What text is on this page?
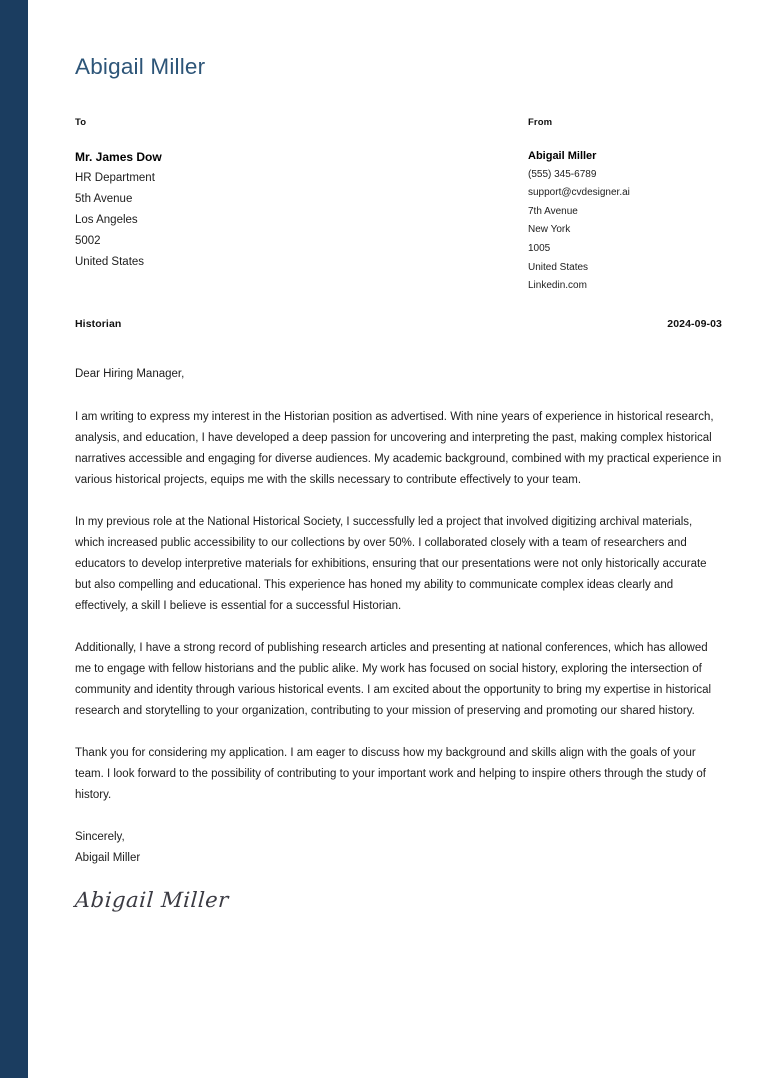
Abigail Miller
To
Mr. James Dow
HR Department
5th Avenue
Los Angeles
5002
United States
From
Abigail Miller
(555) 345-6789
support@cvdesigner.ai
7th Avenue
New York
1005
United States
Linkedin.com
Historian	2024-09-03
Dear Hiring Manager,

I am writing to express my interest in the Historian position as advertised. With nine years of experience in historical research, analysis, and education, I have developed a deep passion for uncovering and interpreting the past, making complex historical narratives accessible and engaging for diverse audiences. My academic background, combined with my practical experience in various historical projects, equips me with the skills necessary to contribute effectively to your team.

In my previous role at the National Historical Society, I successfully led a project that involved digitizing archival materials, which increased public accessibility to our collections by over 50%. I collaborated closely with a team of researchers and educators to develop interpretive materials for exhibitions, ensuring that our presentations were not only historically accurate but also compelling and educational. This experience has honed my ability to communicate complex ideas clearly and effectively, a skill I believe is essential for a successful Historian.

Additionally, I have a strong record of publishing research articles and presenting at national conferences, which has allowed me to engage with fellow historians and the public alike. My work has focused on social history, exploring the intersection of community and identity through various historical events. I am excited about the opportunity to bring my expertise in historical research and storytelling to your organization, contributing to your mission of preserving and promoting our shared history.

Thank you for considering my application. I am eager to discuss how my background and skills align with the goals of your team. I look forward to the possibility of contributing to your important work and helping to inspire others through the study of history.

Sincerely,
Abigail Miller
Abigail Miller
